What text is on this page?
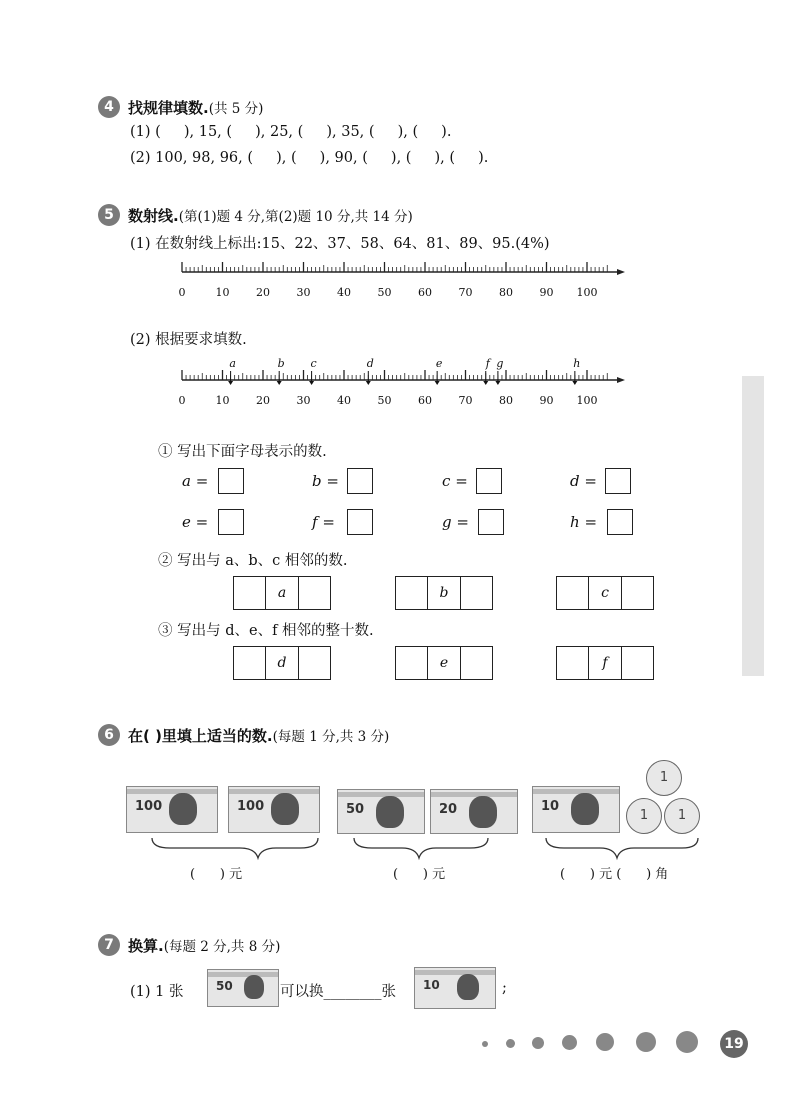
4 找规律填数.(共 5 分)
(1) (     ), 15, (     ), 25, (     ), 35, (     ), (     ).
(2) 100, 98, 96, (     ), (     ), 90, (     ), (     ), (     ).
5 数射线.(第(1)题 4 分,第(2)题 10 分,共 14 分)
(1) 在数射线上标出:15、22、37、58、64、81、89、95.(4%)
0	10 20 30 40 50 60 70 80 90 100
(2) 根据要求填数.
0	10 20 30 40 50 60 70 80 90 100
a	b c	d	e	f g	h
① 写出下面字母表示的数.
a =	b =	c =	d =
e =	f =	g =	h =
② 写出与 a、b、c 相邻的数.
a	b	c
③ 写出与 d、e、f 相邻的整十数.
d	e	f
6 在( )里填上适当的数.(每题 1 分,共 3 分)
100	100	50	20	10
1
1	1
(      ) 元	(      ) 元	(      ) 元 (      ) 角
7 换算.(每题 2 分,共 8 分)
(1) 1 张	50	可以换________张 10	;
Yikeyilian
19
